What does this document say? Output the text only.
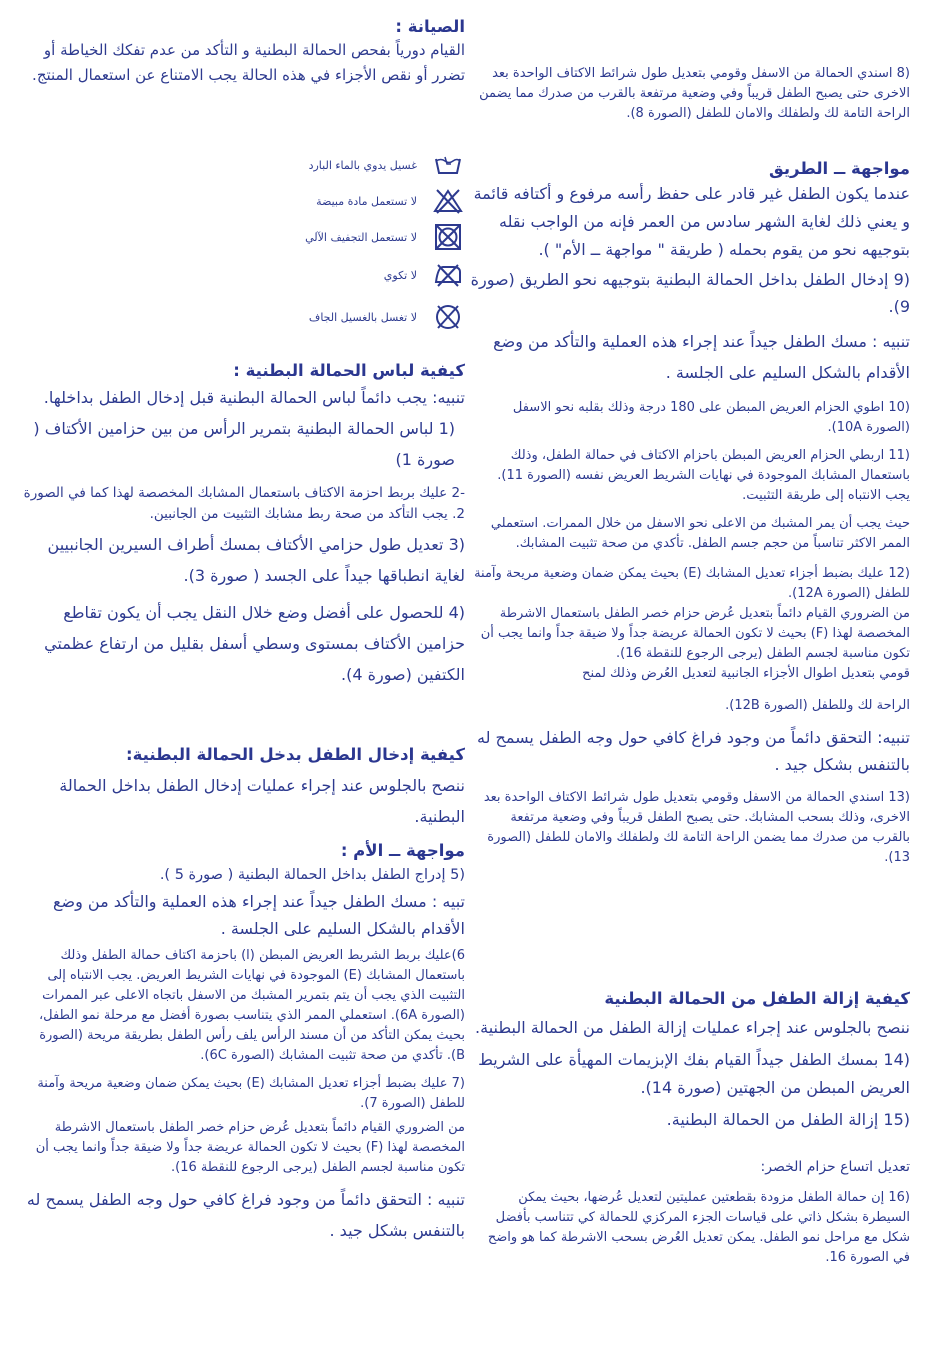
الصيانة :

القيام دورياً بفحص الحمالة البطنية و التأكد من عدم تفكك الخياطة أو تضرر أو نقص الأجزاء في هذه الحالة يجب الامتناع عن استعمال المنتج.

غسيل يدوي بالماء البارد
لا تستعمل مادة مبيضة
لا تستعمل التجفيف الآلي
لا تكوي
لا تغسل بالغسيل الجاف

كيفية لباس الحمالة البطنية :

تنبيه: يجب دائماً لباس الحمالة البطنية قبل إدخال الطفل بداخلها.

(1 لباس الحمالة البطنية بتمرير الرأس من بين حزامين الأكتاف ( صورة 1)

-2 عليك بربط احزمة الاكتاف باستعمال المشابك المخصصة لهذا كما في الصورة 2. يجب التأكد من صحة ربط مشابك التثبيت من الجانبين.

(3 تعديل طول حزامي الأكتاف بمسك أطراف السيرين الجانبيين لغاية انطباقها جيداً على الجسد ( صورة 3).

(4 للحصول على أفضل وضع خلال النقل يجب أن يكون تقاطع حزامين الأكتاف بمستوى وسطي أسفل بقليل من ارتفاع عظمتي الكتفين (صورة 4).

كيفية إدخال الطفل بدخل الحمالة البطنية:

ننصح بالجلوس عند إجراء عمليات إدخال الطفل بداخل الحمالة البطنية.

مواجهة ــ الأم :

(5 إدراج الطفل بداخل الحمالة البطنية ( صورة 5 ).

تبيه : مسك الطفل جيداً عند إجراء هذه العملية والتأكد من وضع الأقدام بالشكل السليم على الجلسة .

6)عليك بربط الشريط العريض المبطن (ا) باحزمة اكتاف حمالة الطفل وذلك باستعمال المشابك (E) الموجودة في نهايات الشريط العريض. يجب الانتباه إلى التثبيت الذي يجب أن يتم بتمرير المشبك من الاسفل باتجاه الاعلى عبر الممرات (الصورة 6A). استعملي الممر الذي يتناسب بصورة أفضل مع مرحلة نمو الطفل، بحيث يمكن التأكد من أن مسند الرأس يلف رأس الطفل بطريقة مريحة (الصورة B). تأكدي من صحة تثبيت المشابك (الصورة 6C).

(7 عليك بضبط أجزاء تعديل المشابك (E) بحيث يمكن ضمان وضعية مريحة وآمنة للطفل (الصورة 7).

من الضروري القيام دائماً بتعديل عُرض حزام خصر الطفل باستعمال الاشرطة المخصصة لهذا (F) بحيث لا تكون الحمالة عريضة جداً ولا ضيقة جداً وانما يجب أن تكون مناسبة لجسم الطفل (يرجى الرجوع للنقطة 16).

تنبيه : التحقق دائماً من وجود فراغ كافي حول وجه الطفل يسمح له بالتنفس بشكل جيد .

(8 اسندي الحمالة من الاسفل وقومي بتعديل طول شرائط الاكتاف الواحدة بعد الاخرى حتى يصبح الطفل قريباً وفي وضعية مرتفعة بالقرب من صدرك مما يضمن الراحة التامة لك ولطفلك والامان للطفل (الصورة 8).

مواجهة ــ الطريق

عندما يكون الطفل غير قادر على حفظ رأسه مرفوع و أكتافه قائمة و يعني ذلك لغاية الشهر سادس من العمر فإنه من الواجب نقله بتوجيهه نحو من يقوم بحمله ( طريقة " مواجهة ــ الأم" ).

(9 إدخال الطفل بداخل الحمالة البطنية بتوجيهه نحو الطريق (صورة 9).

تنبيه : مسك الطفل جيداً عند إجراء هذه العملية والتأكد من وضع الأقدام بالشكل السليم على الجلسة .

(10 اطوي الحزام العريض المبطن على 180 درجة وذلك بقلبه نحو الاسفل (الصورة 10A).

(11 اربطي الحزام العريض المبطن باحزام الاكتاف في حمالة الطفل، وذلك باستعمال المشابك الموجودة في نهايات الشريط العريض نفسه (الصورة 11). يجب الانتباه إلى طريقة التثبيت.

حيث يجب أن يمر المشبك من الاعلى نحو الاسفل من خلال الممرات. استعملي الممر الاكثر تناسباً من حجم جسم الطفل. تأكدي من صحة تثبيت المشابك.

(12 عليك بضبط أجزاء تعديل المشابك (E) بحيث يمكن ضمان وضعية مريحة وآمنة للطفل (الصورة 12A).

من الضروري القيام دائماً بتعديل عُرض حزام خصر الطفل باستعمال الاشرطة المخصصة لهذا (F) بحيث لا تكون الحمالة عريضة جداً ولا ضيقة جداً وانما يجب أن تكون مناسبة لجسم الطفل (يرجى الرجوع للنقطة 16).

قومي بتعديل اطوال الأجزاء الجانبية لتعديل العُرض وذلك لمنح

الراحة لك وللطفل (الصورة 12B).

تنبيه: التحقق دائماً من وجود فراغ كافي حول وجه الطفل يسمح له بالتنفس بشكل جيد .

(13 اسندي الحمالة من الاسفل وقومي بتعديل طول شرائط الاكتاف الواحدة بعد الاخرى، وذلك بسحب المشابك. حتى يصبح الطفل قريباً وفي وضعية مرتفعة بالقرب من صدرك مما يضمن الراحة التامة لك ولطفلك والامان للطفل (الصورة 13).

كيفية إزالة الطفل من الحمالة البطنية

ننصح بالجلوس عند إجراء عمليات إزالة الطفل من الحمالة البطنية.

(14 بمسك الطفل جيداً القيام بفك الإبزيمات المهيأة على الشريط العريض المبطن من الجهتين (صورة 14).

(15 إزالة الطفل من الحمالة البطنية.

تعديل اتساع حزام الخصر:

(16 إن حمالة الطفل مزودة بقطعتين عمليتين لتعديل عُرضها، بحيث يمكن السيطرة بشكل ذاتي على قياسات الجزء المركزي للحمالة كي تتناسب بأفضل شكل مع مراحل نمو الطفل. يمكن تعديل العُرض بسحب الاشرطة كما هو واضح في الصورة 16.
